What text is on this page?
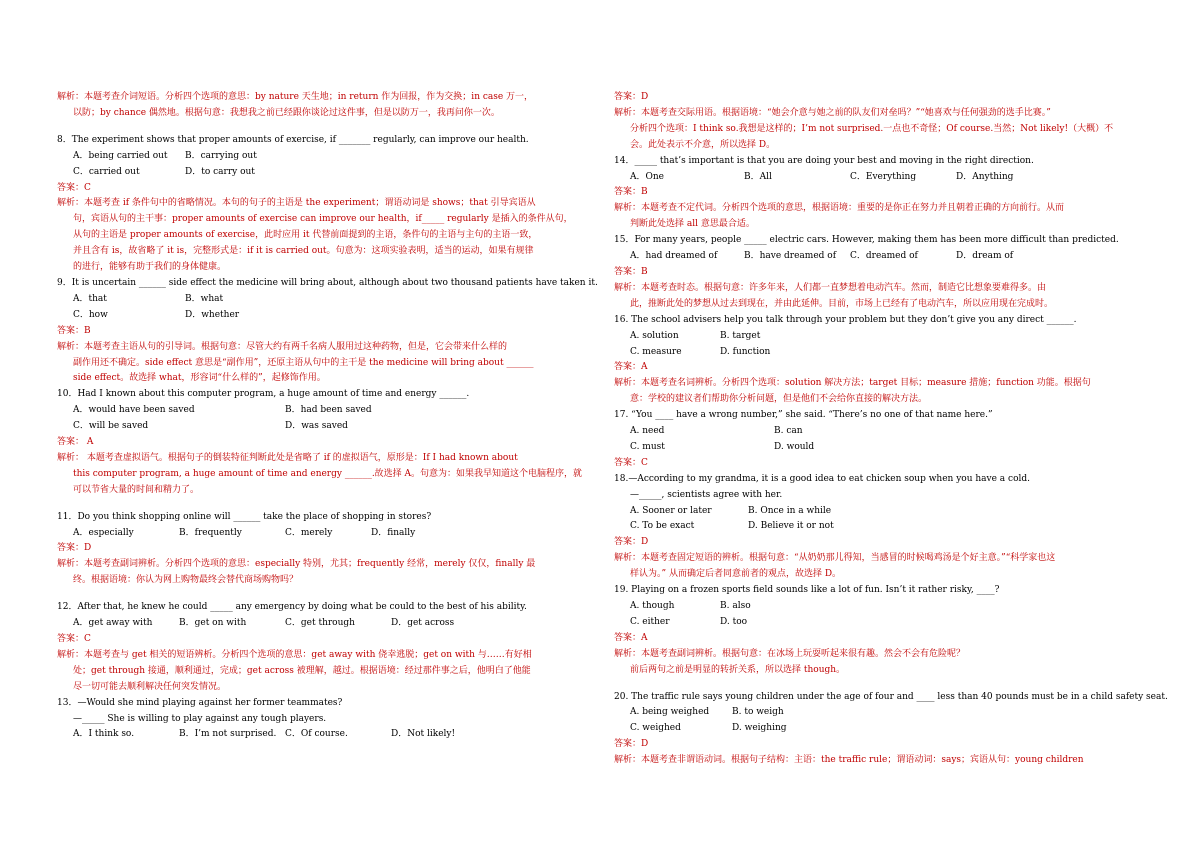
解析：本题考查介词短语。分析四个选项的意思：by nature 天生地；in return 作为回报，作为交换；in case 万一，
以防；by chance 偶然地。根据句意：我想我之前已经跟你谈论过这件事，但是以防万一，我再问你一次。
8．The experiment shows that proper amounts of exercise, if _______ regularly, can improve our health.
A．being carried out	B．carrying out
C．carried out	D．to carry out
答案：C
解析：本题考查 if 条件句中的省略情况。本句的句子的主语是 the experiment；谓语动词是 shows；that 引导宾语从
句，宾语从句的主干事：proper amounts of exercise can improve our health，if_____ regularly 是插入的条件从句，
从句的主语是 proper amounts of exercise，此时应用 it 代替前面提到的主语，条件句的主语与主句的主语一致，
并且含有 is，故省略了 it is，完整形式是：if it is carried out。句意为：这项实验表明，适当的运动，如果有规律
的进行，能够有助于我们的身体健康。
9．It is uncertain ______ side effect the medicine will bring about, although about two thousand patients have taken it.
A．that	B．what
C．how	D．whether
答案：B
解析：本题考查主语从句的引导词。根据句意：尽管大约有两千名病人服用过这种药物，但是，它会带来什么样的
副作用还不确定。side effect 意思是“副作用”，还原主语从句中的主干是 the medicine will bring about ______
side effect。故选择 what，形容词“什么样的”，起修饰作用。
10．Had I known about this computer program, a huge amount of time and energy ______.
A．would have been saved	B．had been saved
C．will be saved	D．was saved
答案： A
解析： 本题考查虚拟语气。根据句子的倒装特征判断此处是省略了 if 的虚拟语气，原形是：If I had known about
this computer program, a huge amount of time and energy ______.故选择 A。句意为：如果我早知道这个电脑程序，就
可以节省大量的时间和精力了。
11．Do you think shopping online will ______ take the place of shopping in stores?
A．especially	B．frequently	C．merely	D．finally
答案：D
解析：本题考查副词辨析。分析四个选项的意思：especially 特别，尤其；frequently 经常，merely 仅仅，finally 最
终。根据语境：你认为网上购物最终会替代商场购物吗？
12．After that, he knew he could _____ any emergency by doing what be could to the best of his ability.
A．get away with	B．get on with	C．get through	D．get across
答案：C
解析：本题考查与 get 相关的短语辨析。分析四个选项的意思：get away with 侥幸逃脱；get on with 与……有好相
处；get through 接通，顺利通过，完成；get across 被理解，越过。根据语境：经过那件事之后，他明白了他能
尽一切可能去顺利解决任何突发情况。
13．—Would she mind playing against her former teammates?
—_____ She is willing to play against any tough players.
A．I think so.	B．I’m not surprised. C．Of course.	D．Not likely!
答案：D
解析：本题考查交际用语。根据语境：“她会介意与她之前的队友们对垒吗？”“她喜欢与任何强劲的选手比赛。”
分析四个选项：I think so.我想是这样的；I’m not surprised.一点也不奇怪；Of course.当然；Not likely!（大概）不
会。此处表示不介意，所以选择 D。
14．_____ that’s important is that you are doing your best and moving in the right direction.
A．One	B．All	C．Everything	D．Anything
答案：B
解析：本题考查不定代词。分析四个选项的意思，根据语境：重要的是你正在努力并且朝着正确的方向前行。从而
判断此处选择 all 意思最合适。
15．For many years, people _____ electric cars. However, making them has been more difficult than predicted.
A．had dreamed of	B．have dreamed of	C．dreamed of	D．dream of
答案：B
解析：本题考查时态。根据句意：许多年来，人们都一直梦想着电动汽车。然而，制造它比想象要难得多。由
此，推断此处的梦想从过去到现在，并由此延伸。目前，市场上已经有了电动汽车，所以应用现在完成时。
16. The school advisers help you talk through your problem but they don’t give you any direct ______.
A. solution	B. target
C. measure	D. function
答案：A
解析：本题考查名词辨析。分析四个选项：solution 解决方法；target 目标；measure 措施；function 功能。根据句
意：学校的建议者们帮助你分析问题，但是他们不会给你直接的解决方法。
17. “You ____ have a wrong number,” she said. “There’s no one of that name here.”
A. need	B. can
C. must	D. would
答案：C
18.—According to my grandma, it is a good idea to eat chicken soup when you have a cold.
—_____, scientists agree with her.
A. Sooner or later	B. Once in a while
C. To be exact	D. Believe it or not
答案：D
解析：本题考查固定短语的辨析。根据句意：“从奶奶那儿得知，当感冒的时候喝鸡汤是个好主意。”“科学家也这
样认为。” 从而确定后者同意前者的观点，故选择 D。
19. Playing on a frozen sports field sounds like a lot of fun. Isn’t it rather risky, ____?
A. though	B. also
C. either	D. too
答案：A
解析：本题考查副词辨析。根据句意：在冰场上玩耍听起来很有趣。然会不会有危险呢？
前后两句之前是明显的转折关系，所以选择 though。
20. The traffic rule says young children under the age of four and ____ less than 40 pounds must be in a child safety seat.
A. being weighed	B. to weigh
C. weighed	D. weighing
答案：D
解析：本题考查非谓语动词。根据句子结构：主语：the traffic rule；谓语动词：says；宾语从句：young children
